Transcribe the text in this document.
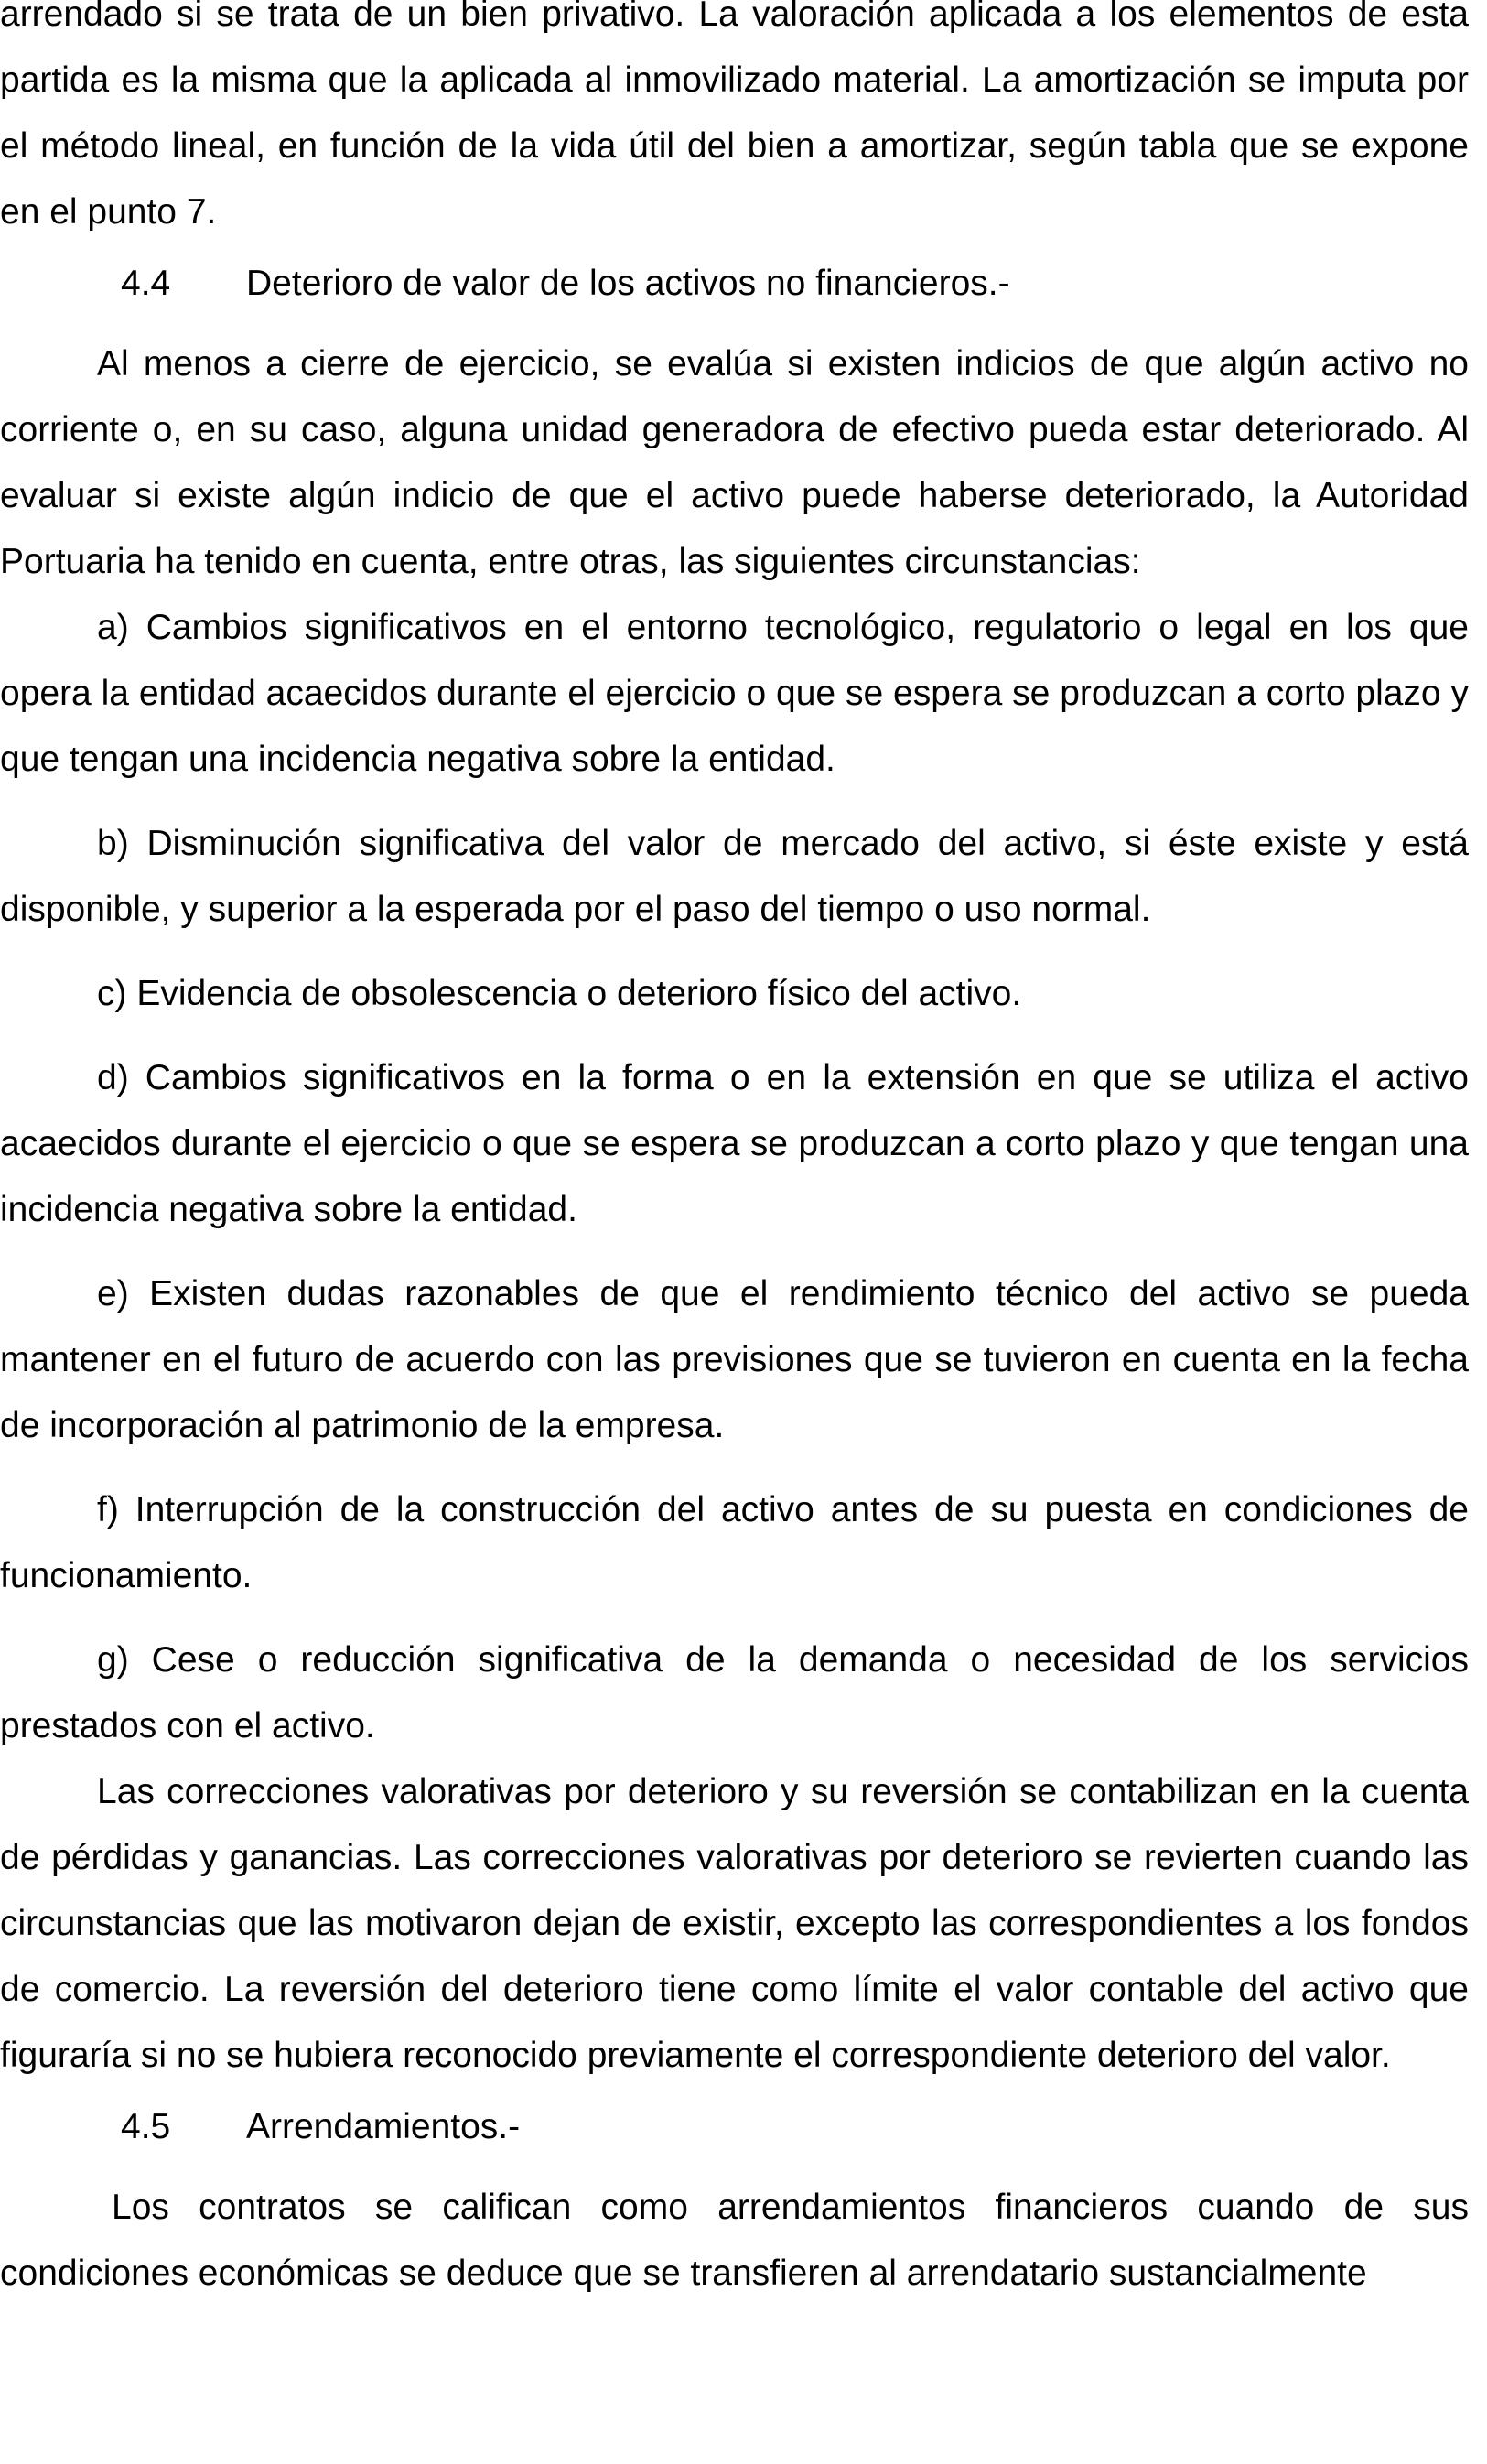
arrendado si se trata de un bien privativo. La valoración aplicada a los elementos de esta partida es la misma que la aplicada al inmovilizado material. La amortización se imputa por el método lineal, en función de la vida útil del bien a amortizar, según tabla que se expone en el punto 7.

4.4	Deterioro de valor de los activos no financieros.-

Al menos a cierre de ejercicio, se evalúa si existen indicios de que algún activo no corriente o, en su caso, alguna unidad generadora de efectivo pueda estar deteriorado. Al evaluar si existe algún indicio de que el activo puede haberse deteriorado, la Autoridad Portuaria ha tenido en cuenta, entre otras, las siguientes circunstancias:

a) Cambios significativos en el entorno tecnológico, regulatorio o legal en los que opera la entidad acaecidos durante el ejercicio o que se espera se produzcan a corto plazo y que tengan una incidencia negativa sobre la entidad.

b) Disminución significativa del valor de mercado del activo, si éste existe y está disponible, y superior a la esperada por el paso del tiempo o uso normal.

c) Evidencia de obsolescencia o deterioro físico del activo.

d) Cambios significativos en la forma o en la extensión en que se utiliza el activo acaecidos durante el ejercicio o que se espera se produzcan a corto plazo y que tengan una incidencia negativa sobre la entidad.

e) Existen dudas razonables de que el rendimiento técnico del activo se pueda mantener en el futuro de acuerdo con las previsiones que se tuvieron en cuenta en la fecha de incorporación al patrimonio de la empresa.

f) Interrupción de la construcción del activo antes de su puesta en condiciones de funcionamiento.

g) Cese o reducción significativa de la demanda o necesidad de los servicios prestados con el activo.

Las correcciones valorativas por deterioro y su reversión se contabilizan en la cuenta de pérdidas y ganancias. Las correcciones valorativas por deterioro se revierten cuando las circunstancias que las motivaron dejan de existir, excepto las correspondientes a los fondos de comercio. La reversión del deterioro tiene como límite el valor contable del activo que figuraría si no se hubiera reconocido previamente el correspondiente deterioro del valor.

4.5	Arrendamientos.-

Los contratos se califican como arrendamientos financieros cuando de sus condiciones económicas se deduce que se transfieren al arrendatario sustancialmente
